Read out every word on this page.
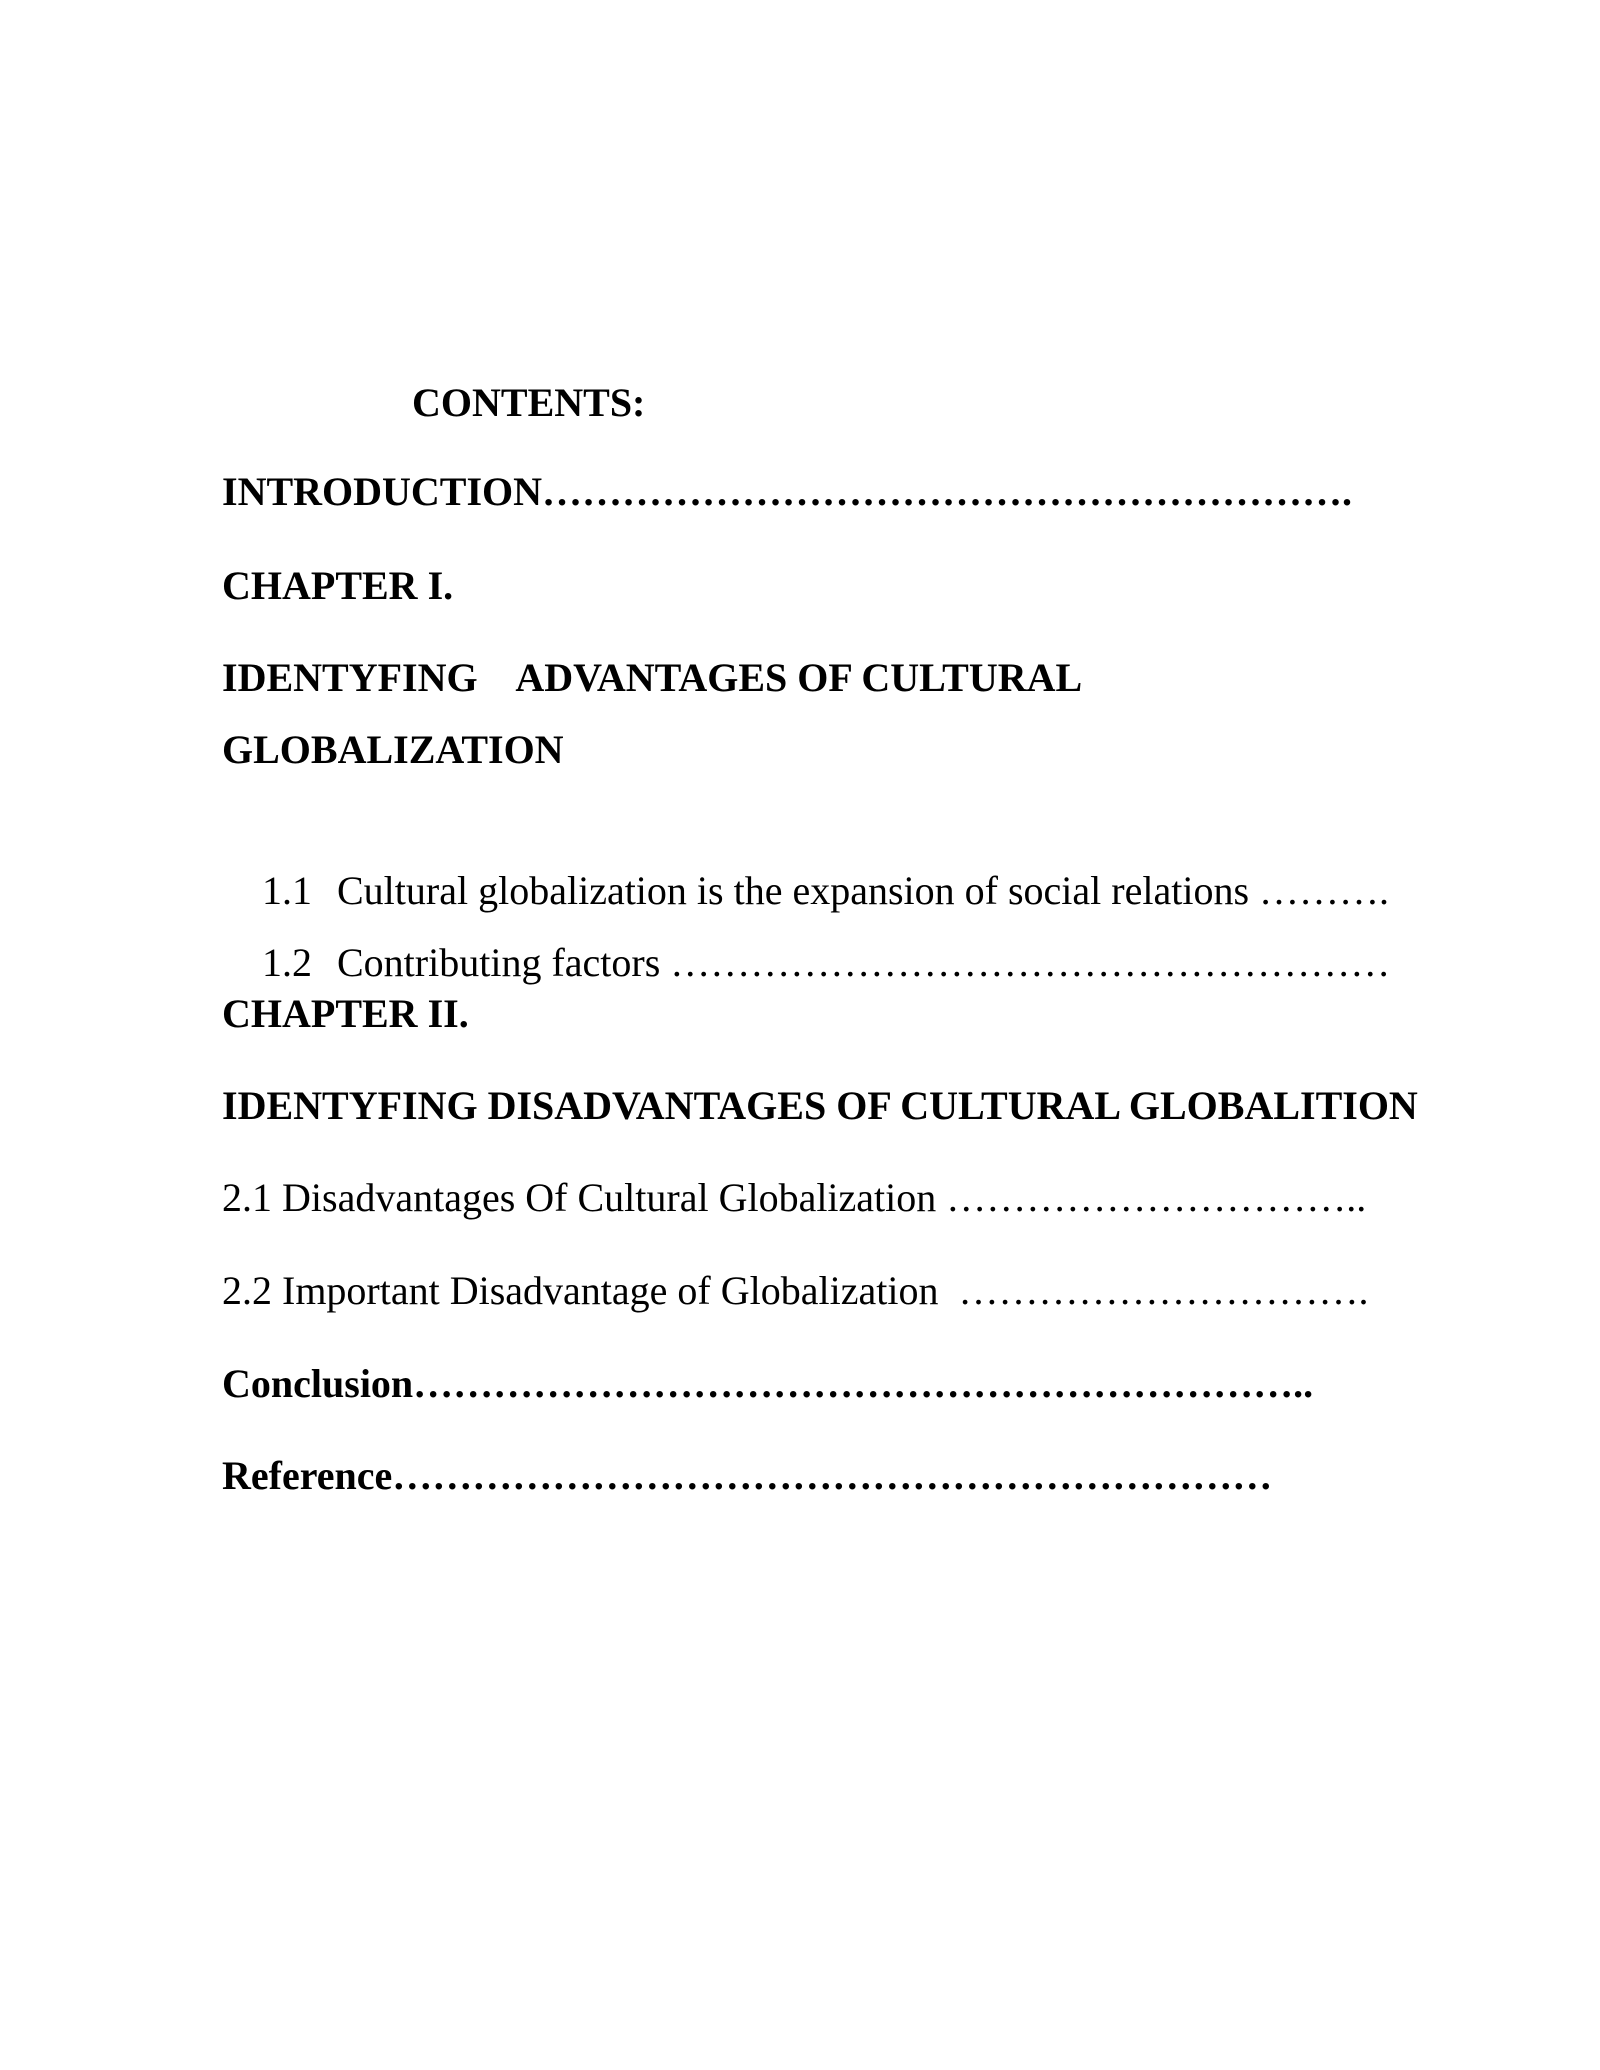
CONTENTS:
INTRODUCTION…………………………………………………….
CHAPTER I.
IDENTYFING    ADVANTAGES OF CULTURAL
GLOBALIZATION

1.1 Cultural globalization is the expansion of social relations ……….

1.2 Contributing factors ………………………………………………

CHAPTER II.
IDENTYFING DISADVANTAGES OF CULTURAL GLOBALITION
2.1 Disadvantages Of Cultural Globalization …………………………..
2.2 Important Disadvantage of Globalization  ………………………….
Conclusion…………………………………………………………..
Reference…………………………………………………………
